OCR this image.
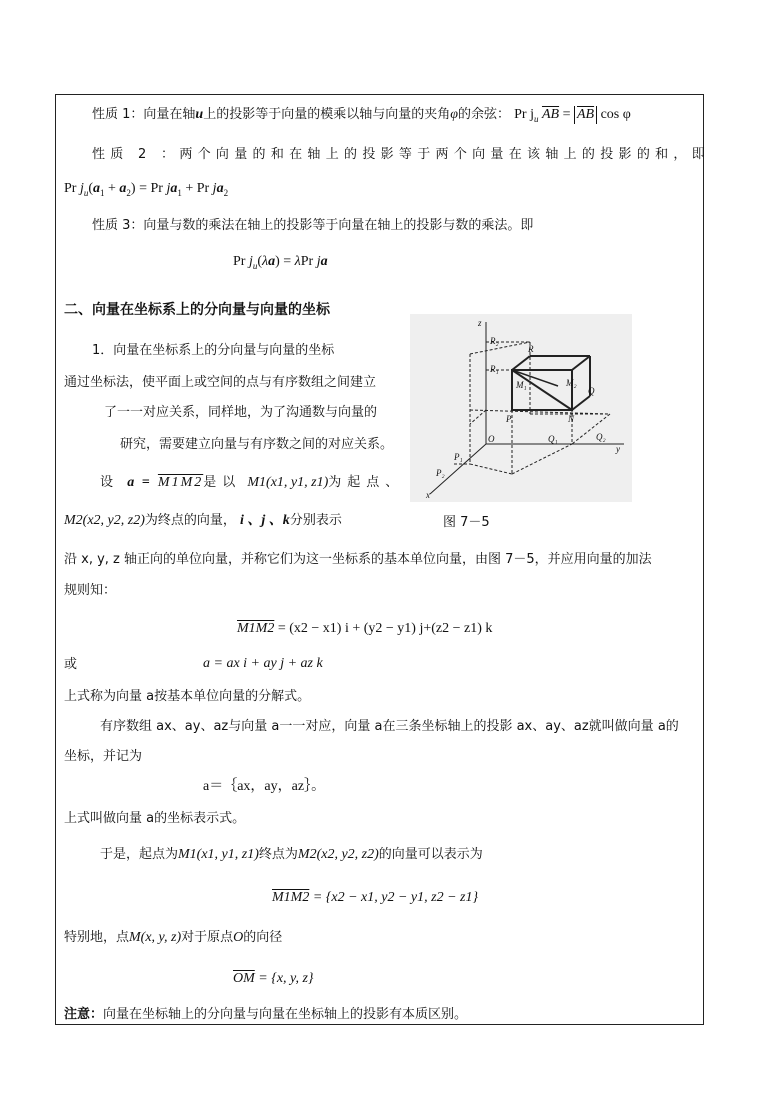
性质 1：向量在轴u上的投影等于向量的模乘以轴与向量的夹角φ的余弦： Pr $j_u$ $\overline{AB} = \overline{AB}$ cos φ
性质 2 ：两个向量的和在轴上的投影等于两个向量在该轴上的投影的和，即
Pr $j_u(a_1 + a_2) = Pr$ $ja_1 + Pr$ $ja_2$
性质 3：向量与数的乘法在轴上的投影等于向量在轴上的投影与数的乘法。即
Pr $j_u(\lambda a) = \lambda Pr$ ja
二、向量在坐标系上的分向量与向量的坐标
1．向量在坐标系上的分向量与向量的坐标
通过坐标法，使平面上或空间的点与有序数组之间建立
了一一对应关系，同样地，为了沟通数与向量的
研究，需要建立向量与有序数之间的对应关系。
设 a = M1M2是以 M1(x1, y1, z1)为起点、
M2(x2, y2, z2)为终点的向量， i 、j 、k分别表示	图 7－5
z
R₂
R
R₁
M₁	M₂
Q
P	N
O	Q₁	Q₂
y
P₁
P₂
x
沿 x, y, z 轴正向的单位向量，并称它们为这一坐标系的基本单位向量，由图 7－5，并应用向量的加法
规则知：
M1M2 = (x2 − x1) i + (y2 − y1) j+(z2 − z1) k
或	a = ax i + ay j + az k
上式称为向量 a按基本单位向量的分解式。
有序数组 ax、ay、az与向量 a一一对应，向量 a在三条坐标轴上的投影 ax、ay、az就叫做向量 a的
坐标，并记为
a＝｛ax，ay，az｝。
上式叫做向量 a的坐标表示式。
于是，起点为M1(x1, y1, z1)终点为M2(x2, y2, z2)的向量可以表示为
M1M2 = {x2 − x1, y2 − y1, z2 − z1}
特别地，点M(x, y, z)对于原点O的向径
$\overline{OM} = \{x$, y, z}
注意：向量在坐标轴上的分向量与向量在坐标轴上的投影有本质区别。
